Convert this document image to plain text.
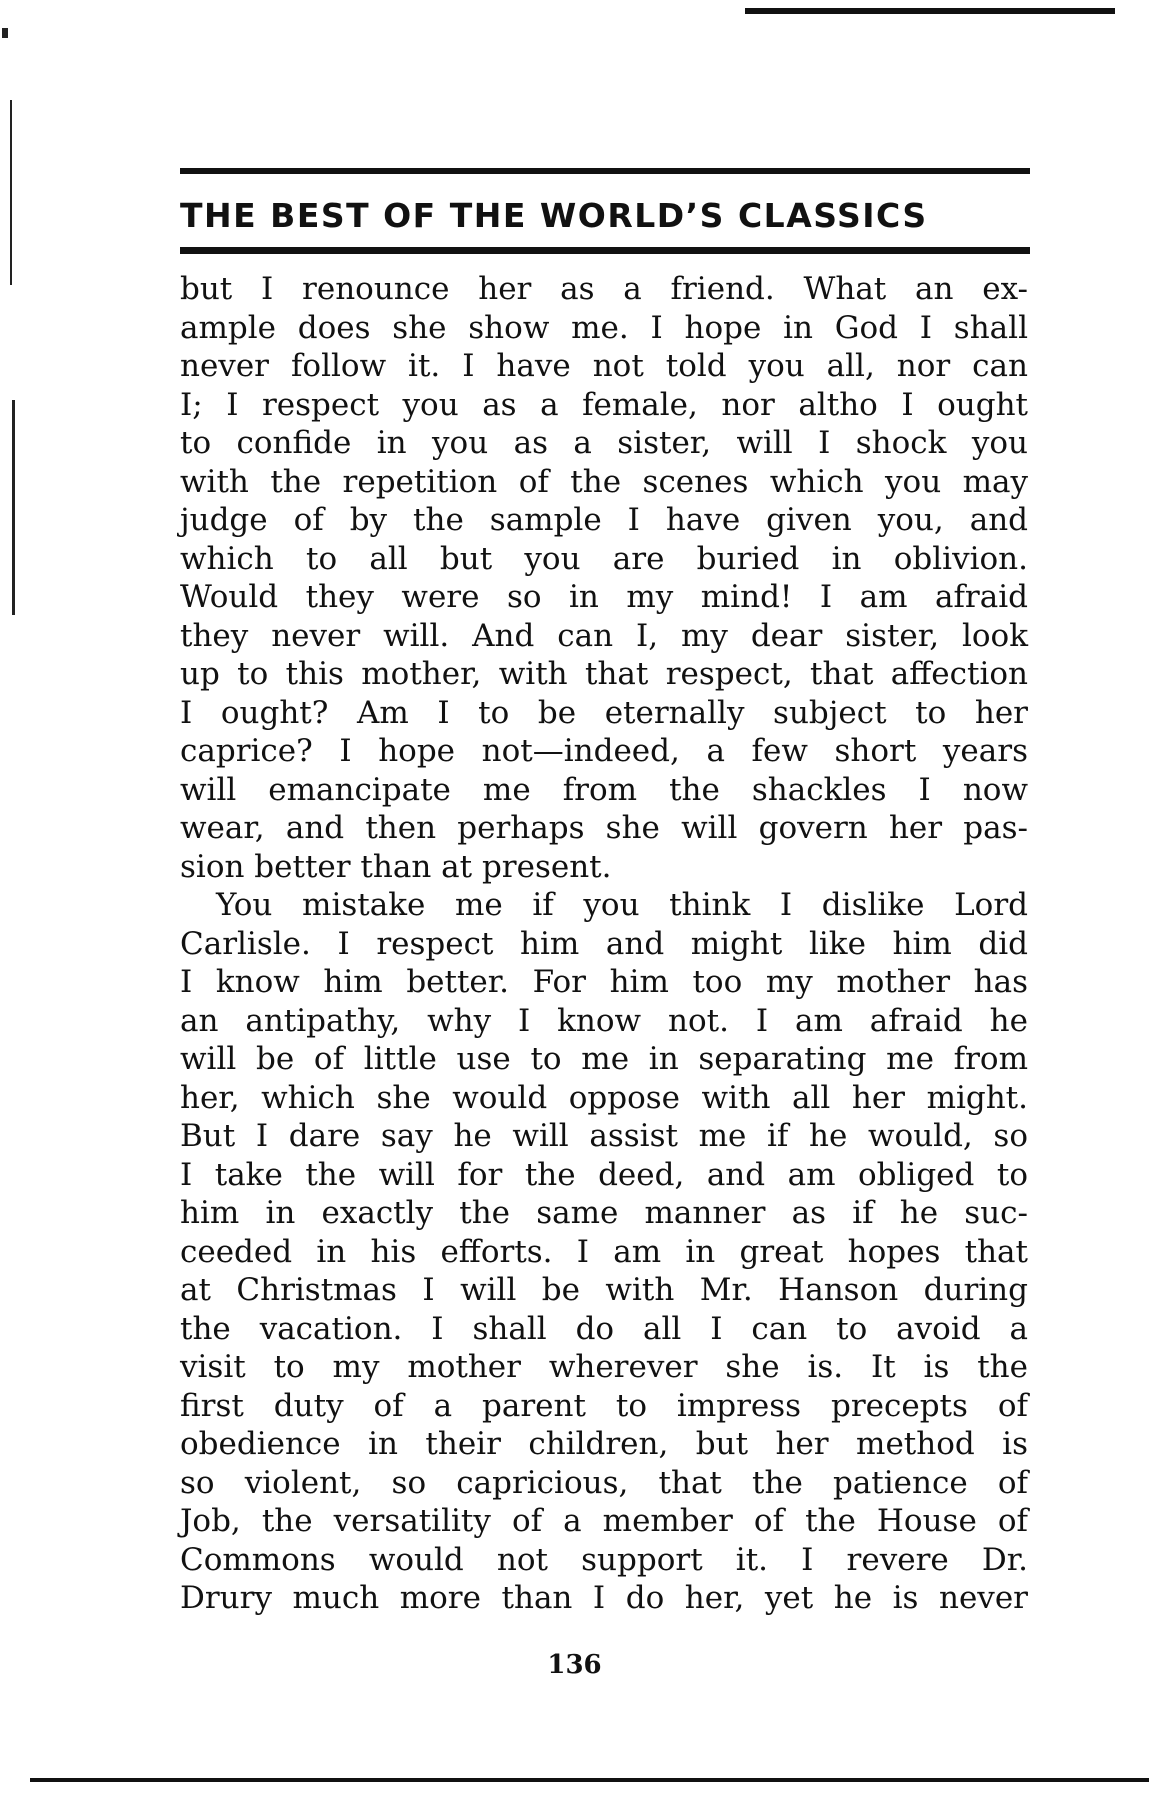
THE BEST OF THE WORLD’S CLASSICS
but I renounce her as a friend. What an ex-
ample does she show me. I hope in God I shall
never follow it. I have not told you all, nor can
I; I respect you as a female, nor altho I ought
to confide in you as a sister, will I shock you
with the repetition of the scenes which you may
judge of by the sample I have given you, and
which to all but you are buried in oblivion.
Would they were so in my mind! I am afraid
they never will. And can I, my dear sister, look
up to this mother, with that respect, that affection
I ought? Am I to be eternally subject to her
caprice? I hope not—indeed, a few short years
will emancipate me from the shackles I now
wear, and then perhaps she will govern her pas-
sion better than at present.
You mistake me if you think I dislike Lord
Carlisle. I respect him and might like him did
I know him better. For him too my mother has
an antipathy, why I know not. I am afraid he
will be of little use to me in separating me from
her, which she would oppose with all her might.
But I dare say he will assist me if he would, so
I take the will for the deed, and am obliged to
him in exactly the same manner as if he suc-
ceeded in his efforts. I am in great hopes that
at Christmas I will be with Mr. Hanson during
the vacation. I shall do all I can to avoid a
visit to my mother wherever she is. It is the
first duty of a parent to impress precepts of
obedience in their children, but her method is
so violent, so capricious, that the patience of
Job, the versatility of a member of the House of
Commons would not support it. I revere Dr.
Drury much more than I do her, yet he is never
136
